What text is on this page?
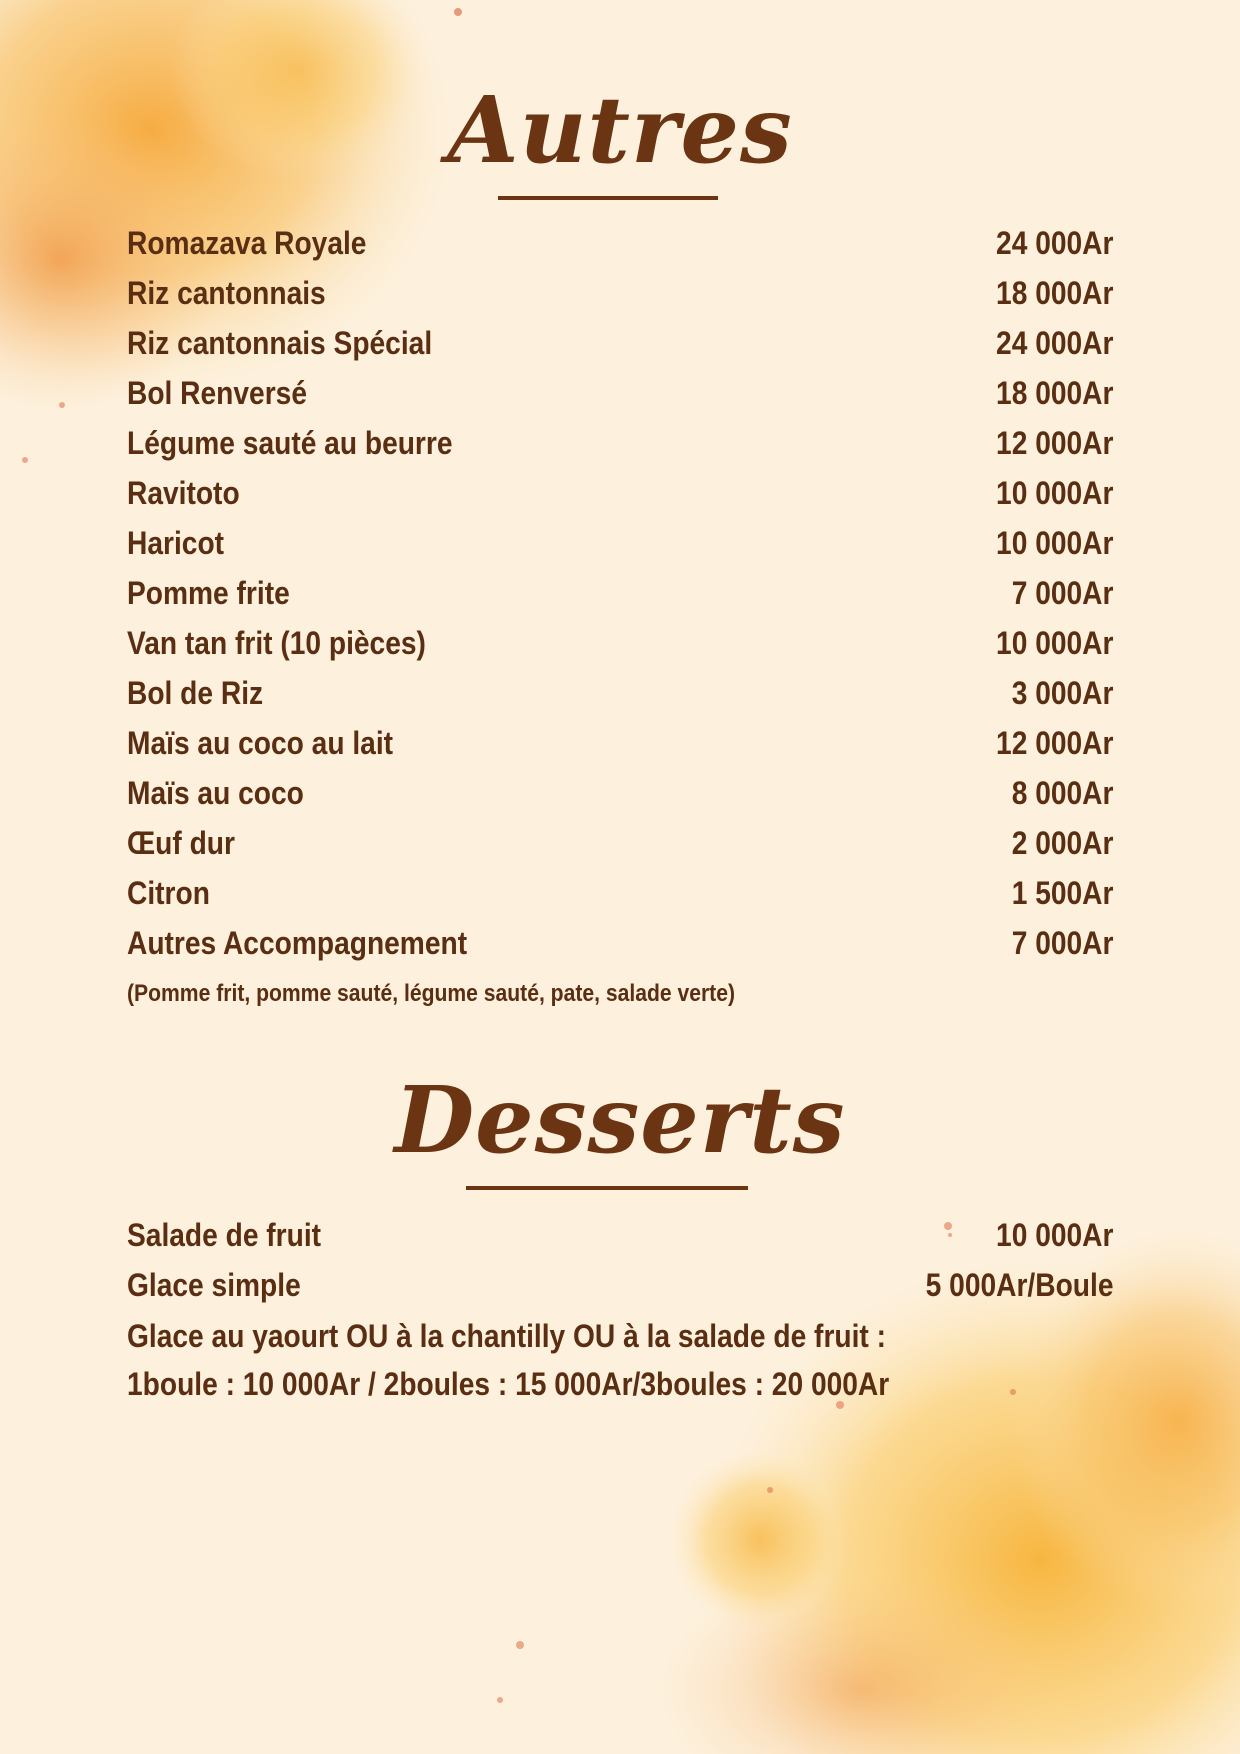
Autres
Romazava Royale	24 000Ar
Riz cantonnais	18 000Ar
Riz cantonnais Spécial	24 000Ar
Bol Renversé	18 000Ar
Légume sauté au beurre	12 000Ar
Ravitoto	10 000Ar
Haricot	10 000Ar
Pomme frite	7 000Ar
Van tan frit (10 pièces)	10 000Ar
Bol de Riz	3 000Ar
Maïs au coco au lait	12 000Ar
Maïs au coco	8 000Ar
Œuf dur	2 000Ar
Citron	1 500Ar
Autres Accompagnement	7 000Ar

(Pomme frit, pomme sauté, légume sauté, pate, salade verte)

Desserts
Salade de fruit	10 000Ar
Glace simple	5 000Ar/Boule

Glace au yaourt OU à la chantilly OU à la salade de fruit :

1boule : 10 000Ar / 2boules : 15 000Ar/3boules : 20 000Ar
